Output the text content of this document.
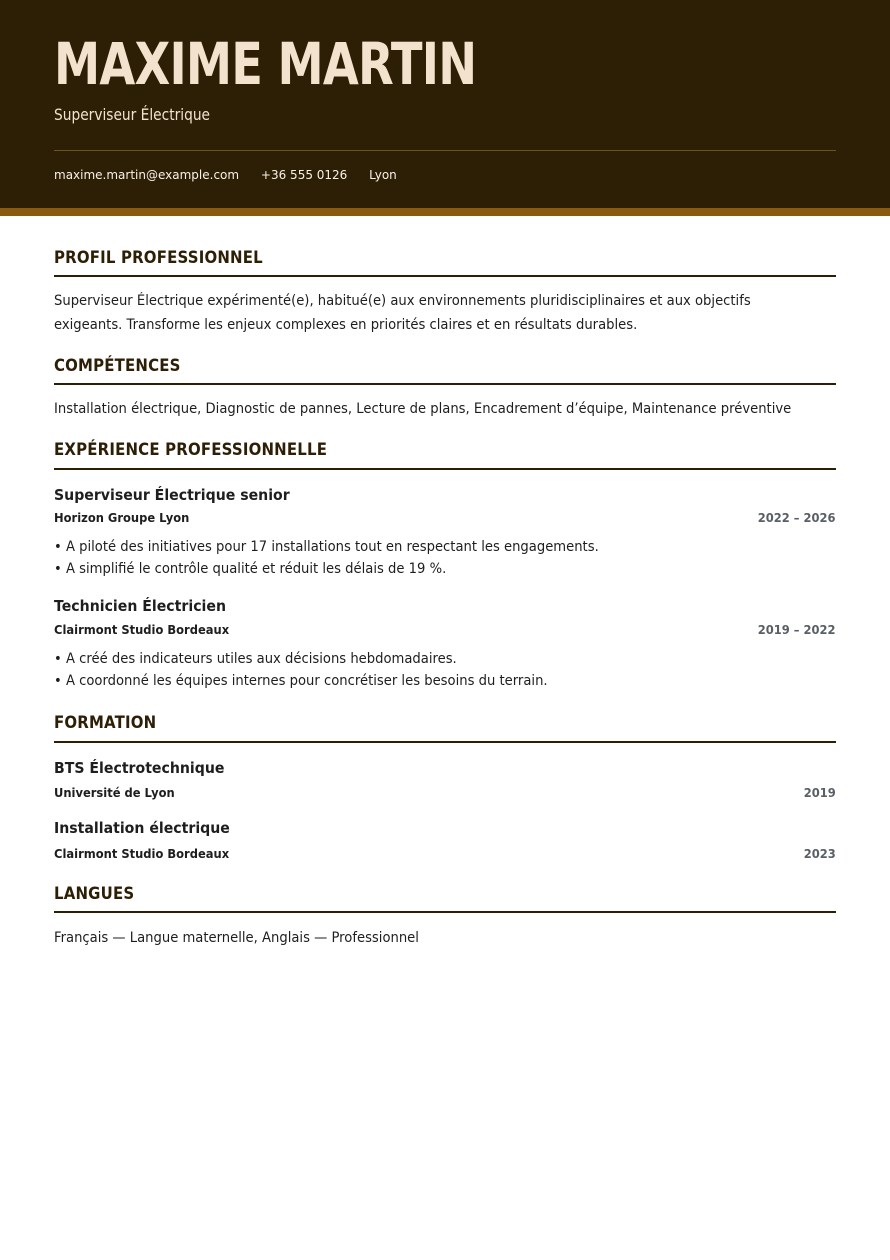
MAXIME MARTIN
Superviseur Électrique
maxime.martin@example.com +36 555 0126 Lyon
PROFIL PROFESSIONNEL
Superviseur Électrique expérimenté(e), habitué(e) aux environnements pluridisciplinaires et aux objectifs exigeants. Transforme les enjeux complexes en priorités claires et en résultats durables.
COMPÉTENCES
Installation électrique, Diagnostic de pannes, Lecture de plans, Encadrement d’équipe, Maintenance préventive
EXPÉRIENCE PROFESSIONNELLE
Superviseur Électrique senior
Horizon Groupe Lyon	2022 – 2026
• A piloté des initiatives pour 17 installations tout en respectant les engagements.
• A simplifié le contrôle qualité et réduit les délais de 19 %.
Technicien Électricien
Clairmont Studio Bordeaux	2019 – 2022
• A créé des indicateurs utiles aux décisions hebdomadaires.
• A coordonné les équipes internes pour concrétiser les besoins du terrain.
FORMATION
BTS Électrotechnique
Université de Lyon	2019
Installation électrique
Clairmont Studio Bordeaux	2023
LANGUES
Français — Langue maternelle, Anglais — Professionnel
